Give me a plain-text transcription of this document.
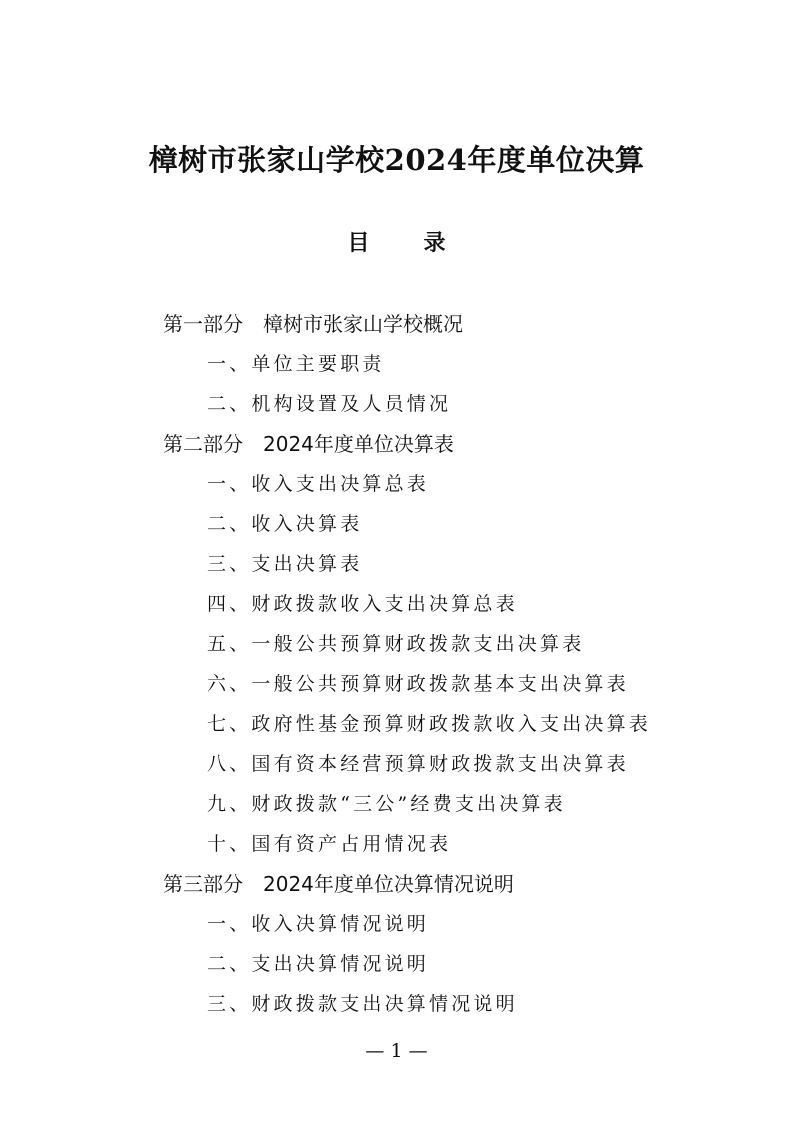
樟树市张家山学校2024年度单位决算
目 录
第一部分 樟树市张家山学校概况
一、单位主要职责
二、机构设置及人员情况
第二部分 2024年度单位决算表
一、收入支出决算总表
二、收入决算表
三、支出决算表
四、财政拨款收入支出决算总表
五、一般公共预算财政拨款支出决算表
六、一般公共预算财政拨款基本支出决算表
七、政府性基金预算财政拨款收入支出决算表
八、国有资本经营预算财政拨款支出决算表
九、财政拨款“三公”经费支出决算表
十、国有资产占用情况表
第三部分 2024年度单位决算情况说明
一、收入决算情况说明
二、支出决算情况说明
三、财政拨款支出决算情况说明
— 1 —
